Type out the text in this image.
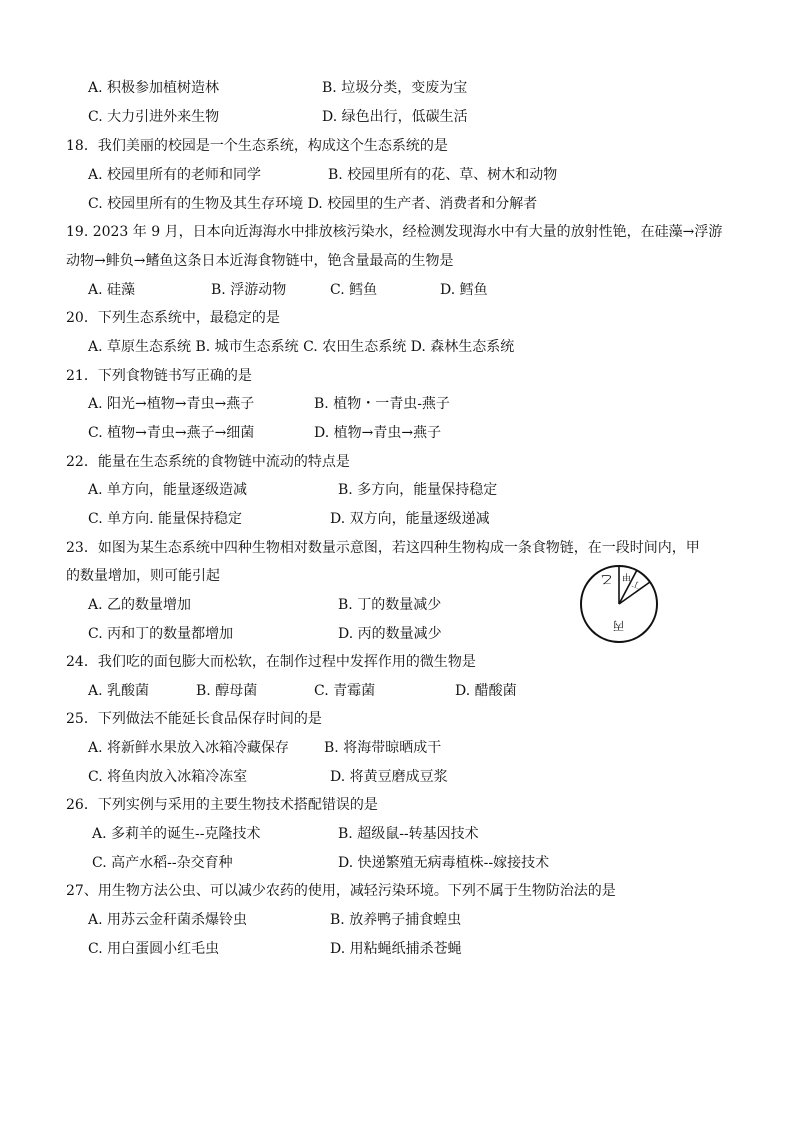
A. 积极参加植树造林	B. 垃圾分类，变废为宝
C. 大力引进外来生物	D. 绿色出行，低碳生活
18．我们美丽的校园是一个生态系统，构成这个生态系统的是
A. 校园里所有的老师和同学	B. 校园里所有的花、草、树木和动物
C. 校园里所有的生物及其生存环境 D. 校园里的生产者、消费者和分解者
19. 2023 年 9 月，日本向近海海水中排放核污染水，经检测发现海水中有大量的放射性铯，在硅藻→浮游
动物→鲱负→鳍鱼这条日本近海食物链中，铯含量最高的生物是
A. 硅藻	B. 浮游动物	C. 鳕鱼	D. 鳕鱼
20．下列生态系统中，最稳定的是
A. 草原生态系统 B. 城市生态系统 C. 农田生态系统 D. 森林生态系统
21．下列食物链书写正确的是
A. 阳光→植物→青虫→燕子	B. 植物・一青虫-燕子
C. 植物→青虫→燕子→细菌	D. 植物→青虫→燕子
22．能量在生态系统的食物链中流动的特点是
A. 单方向，能量逐级造减	B. 多方向，能量保持稳定
C. 单方向. 能量保持稳定	D. 双方向，能量逐级递减
23．如图为某生态系统中四种生物相对数量示意图，若这四种生物构成一条食物链，在一段时间内，甲
的数量增加，则可能引起
A. 乙的数量增加	B. 丁的数量减少
C. 丙和丁的数量都增加	D. 丙的数量减少
乙 甲
丁
丙
24．我们吃的面包膨大而松软，在制作过程中发挥作用的微生物是
A. 乳酸菌	B. 醇母菌	C. 青霉菌	D. 醋酸菌
25．下列做法不能延长食品保存时间的是
A. 将新鲜水果放入冰箱冷藏保存 B. 将海带晾晒成干
C. 将鱼肉放入冰箱冷冻室	D. 将黄豆磨成豆浆
26．下列实例与采用的主要生物技术搭配错误的是
A. 多莉羊的诞生--克隆技术	B. 超级鼠--转基因技术
C. 高产水稻--杂交育种	D. 快递繁殖无病毒植株--嫁接技术
27、用生物方法公虫、可以减少农药的使用，减轻污染环境。下列不属于生物防治法的是
A. 用苏云金秆菌杀爆铃虫	B. 放养鸭子捕食蝗虫
C. 用白蛋圆小红毛虫	D. 用粘蝇纸捕杀苍蝇
